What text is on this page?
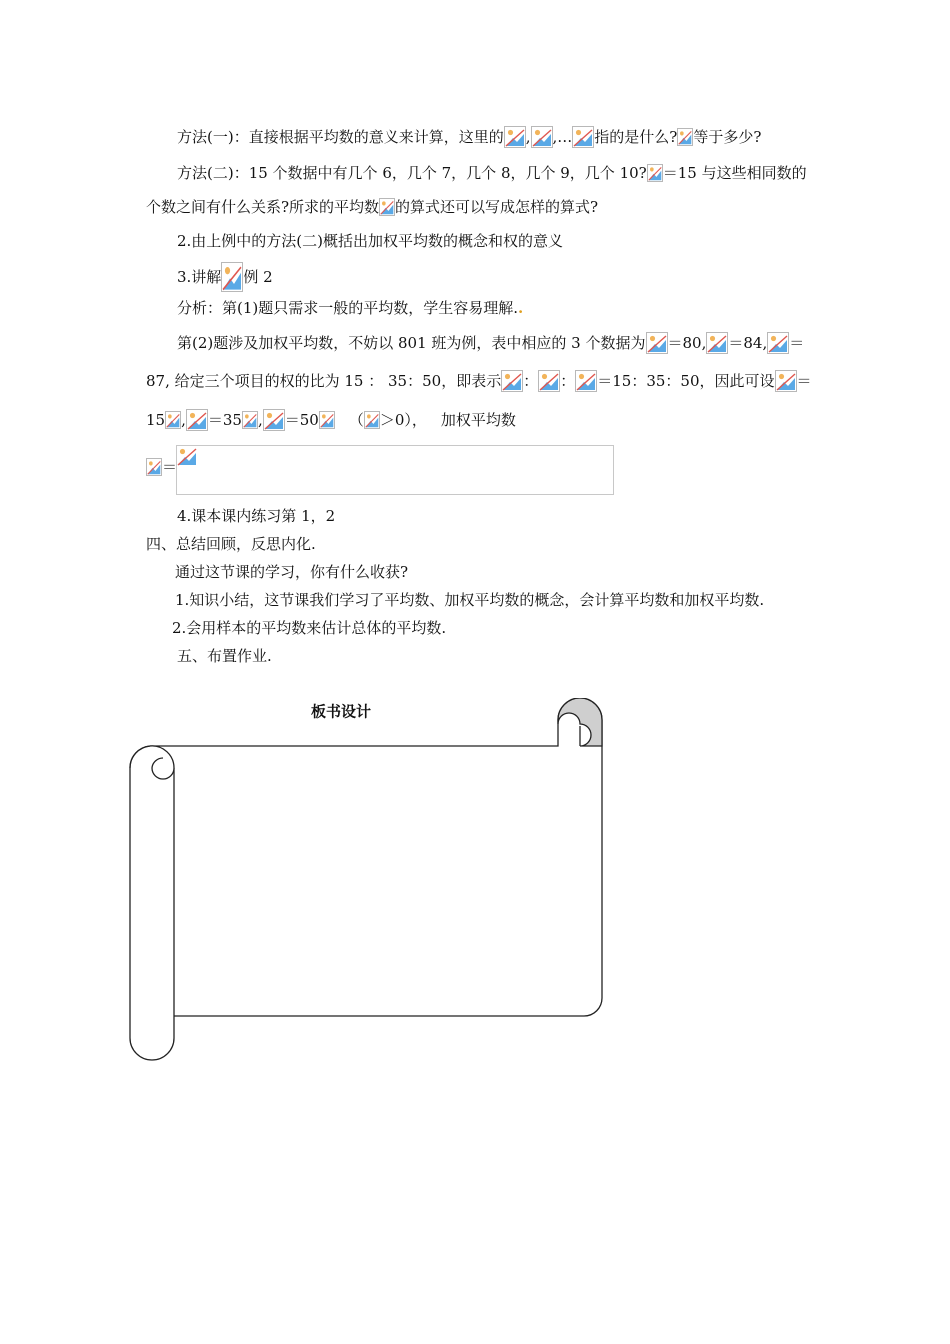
方法(一)：直接根据平均数的意义来计算，这里的 , ,… 指的是什么? 等于多少?
方法(二)：15 个数据中有几个 6，几个 7，几个 8，几个 9，几个 10? ＝15 与这些相同数的
个数之间有什么关系?所求的平均数 的算式还可以写成怎样的算式?
2.由上例中的方法(二)概括出加权平均数的概念和权的意义
3.讲解 例 2
分析：第(1)题只需求一般的平均数，学生容易理解..
第(2)题涉及加权平均数，不妨以 801 班为例，表中相应的 3 个数据为 ＝80, ＝84, ＝
87, 给定三个项目的权的比为 15 ： 35：50，即表示 ： ： ＝15：35：50，因此可设 ＝
15 , ＝35 , ＝50 （ ＞0）， 加权平均数
＝
4.课本课内练习第 1，2
四、总结回顾，反思内化.
通过这节课的学习，你有什么收获?
1.知识小结，这节课我们学习了平均数、加权平均数的概念，会计算平均数和加权平均数.
2.会用样本的平均数来估计总体的平均数.
五、布置作业.
板书设计
